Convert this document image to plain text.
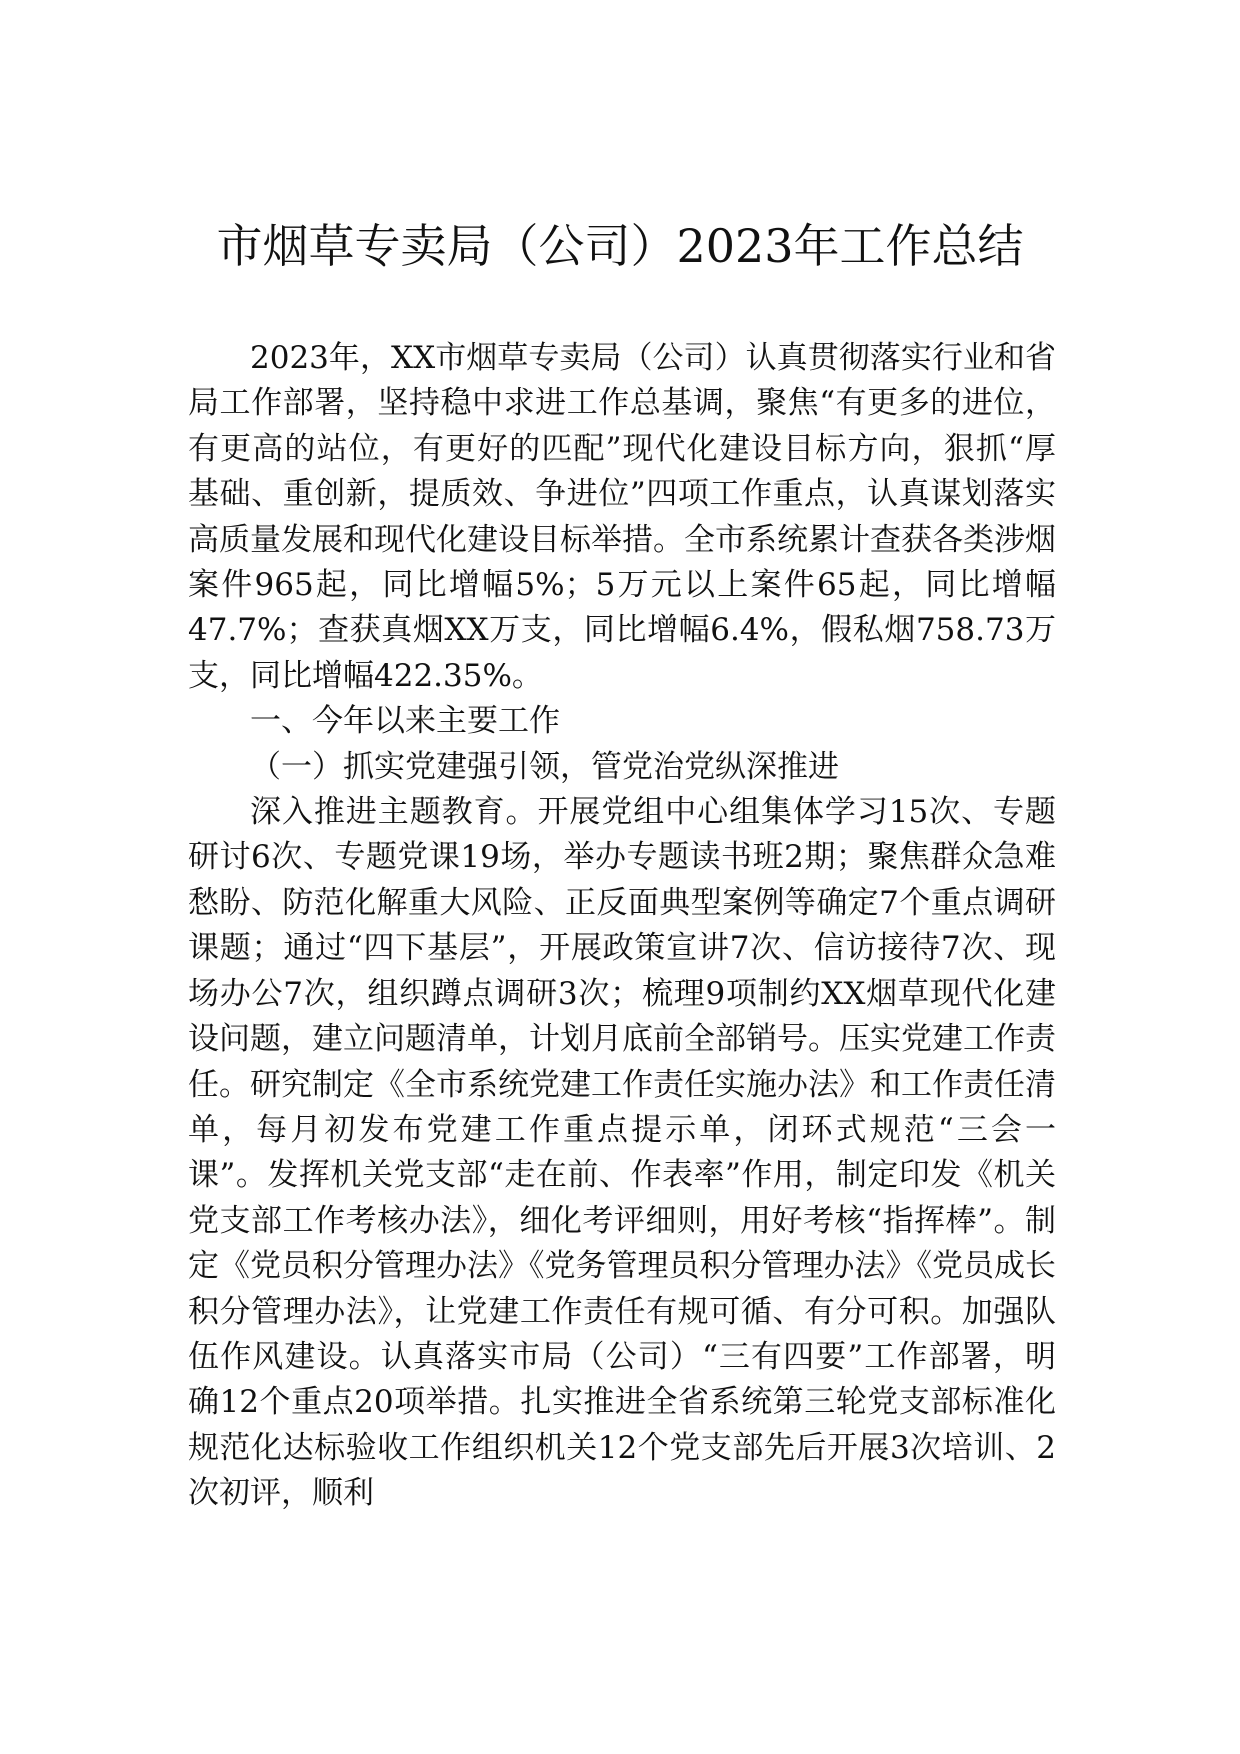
市烟草专卖局（公司）2023年工作总结

2023年，XX市烟草专卖局（公司）认真贯彻落实行业和省局工作部署，坚持稳中求进工作总基调，聚焦“有更多的进位，有更高的站位，有更好的匹配”现代化建设目标方向，狠抓“厚基础、重创新，提质效、争进位”四项工作重点，认真谋划落实高质量发展和现代化建设目标举措。全市系统累计查获各类涉烟案件965起，同比增幅5%；5万元以上案件65起，同比增幅47.7%；查获真烟XX万支，同比增幅6.4%，假私烟758.73万支，同比增幅422.35%。

一、今年以来主要工作

（一）抓实党建强引领，管党治党纵深推进

深入推进主题教育。开展党组中心组集体学习15次、专题研讨6次、专题党课19场，举办专题读书班2期；聚焦群众急难愁盼、防范化解重大风险、正反面典型案例等确定7个重点调研课题；通过“四下基层”，开展政策宣讲7次、信访接待7次、现场办公7次，组织蹲点调研3次；梳理9项制约XX烟草现代化建设问题，建立问题清单，计划月底前全部销号。压实党建工作责任。研究制定《全市系统党建工作责任实施办法》和工作责任清单，每月初发布党建工作重点提示单，闭环式规范“三会一课”。发挥机关党支部“走在前、作表率”作用，制定印发《机关党支部工作考核办法》，细化考评细则，用好考核“指挥棒”。制定《党员积分管理办法》《党务管理员积分管理办法》《党员成长积分管理办法》，让党建工作责任有规可循、有分可积。加强队伍作风建设。认真落实市局（公司）“三有四要”工作部署，明确12个重点20项举措。扎实推进全省系统第三轮党支部标准化规范化达标验收工作组织机关12个党支部先后开展3次培训、2次初评，顺利
